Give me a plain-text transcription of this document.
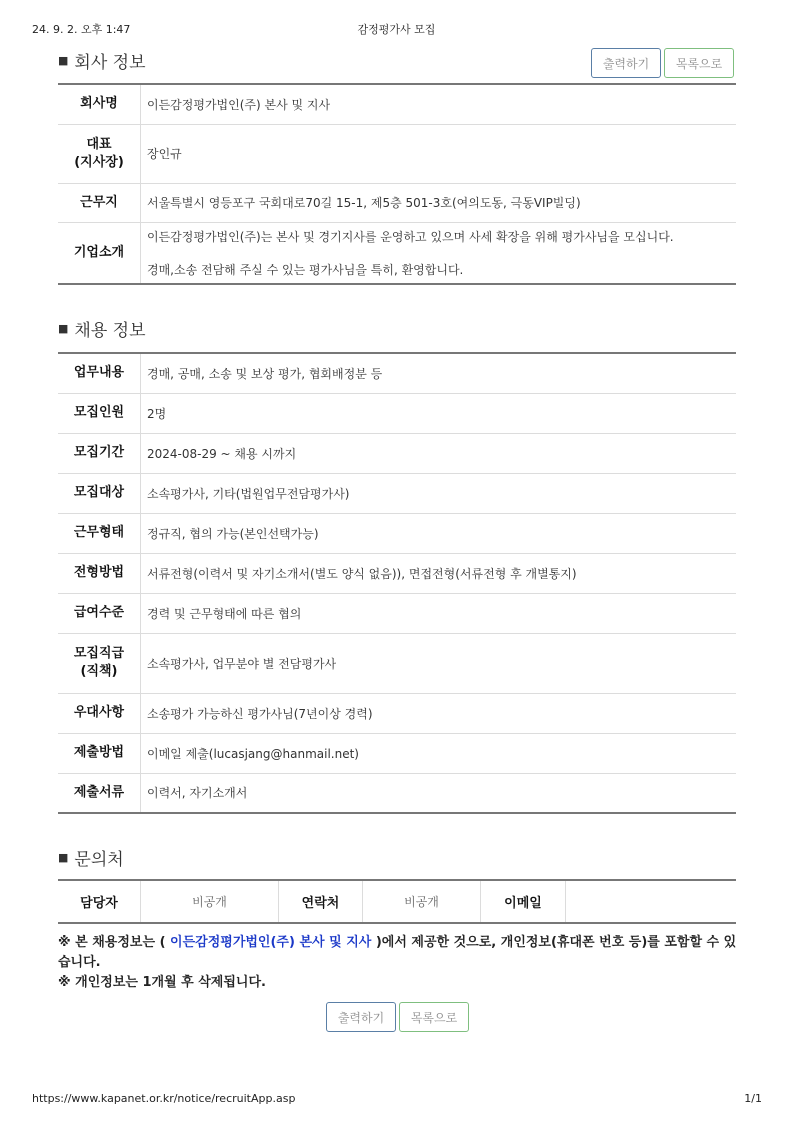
24. 9. 2. 오후 1:47	감정평가사 모집
■ 회사 정보	출력하기	목록으로
회사명	이든감정평가법인(주) 본사 및 지사
대표
(지사장)	장인규
근무지	서울특별시 영등포구 국회대로70길 15-1, 제5층 501-3호(여의도동, 극동VIP빌딩)
기업소개	이든감정평가법인(주)는 본사 및 경기지사를 운영하고 있으며 사세 확장을 위해 평가사님을 모십니다.
경매,소송 전담해 주실 수 있는 평가사님을 특히, 환영합니다.
■ 채용 정보
업무내용	경매, 공매, 소송 및 보상 평가, 협회배정분 등
모집인원	2명
모집기간	2024-08-29 ~ 채용 시까지
모집대상	소속평가사, 기타(법원업무전담평가사)
근무형태	정규직, 협의 가능(본인선택가능)
전형방법	서류전형(이력서 및 자기소개서(별도 양식 없음)), 면접전형(서류전형 후 개별통지)
급여수준	경력 및 근무형태에 따른 협의
모집직급
(직책)	소속평가사, 업무분야 별 전담평가사
우대사항	소송평가 가능하신 평가사님(7년이상 경력)
제출방법	이메일 제출(lucasjang@hanmail.net)
제출서류	이력서, 자기소개서
■ 문의처
담당자	비공개	연락처	비공개	이메일	
※ 본 채용정보는 ( 이든감정평가법인(주) 본사 및 지사 )에서 제공한 것으로, 개인정보(휴대폰 번호 등)를 포함할 수 있습니다.
※ 개인정보는 1개월 후 삭제됩니다.
출력하기	목록으로
https://www.kapanet.or.kr/notice/recruitApp.asp	1/1
